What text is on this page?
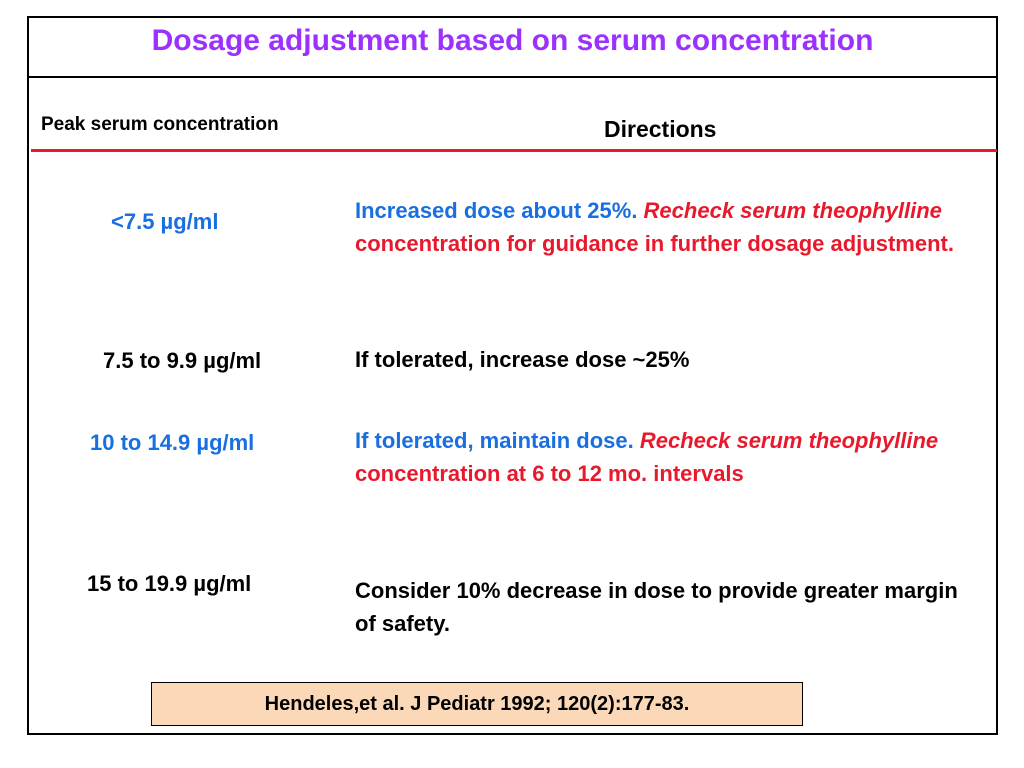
Dosage adjustment based on serum concentration
Peak serum concentration	Directions
<7.5 µg/ml	Increased dose about 25%. Recheck serum theophylline concentration for guidance in further dosage adjustment.
7.5 to 9.9 µg/ml	If tolerated, increase dose ~25%
10 to 14.9 µg/ml	If tolerated, maintain dose. Recheck serum theophylline concentration at 6 to 12 mo. intervals
15 to 19.9 µg/ml	Consider 10% decrease in dose to provide greater margin of safety.
Hendeles,et al. J Pediatr 1992; 120(2):177-83.
